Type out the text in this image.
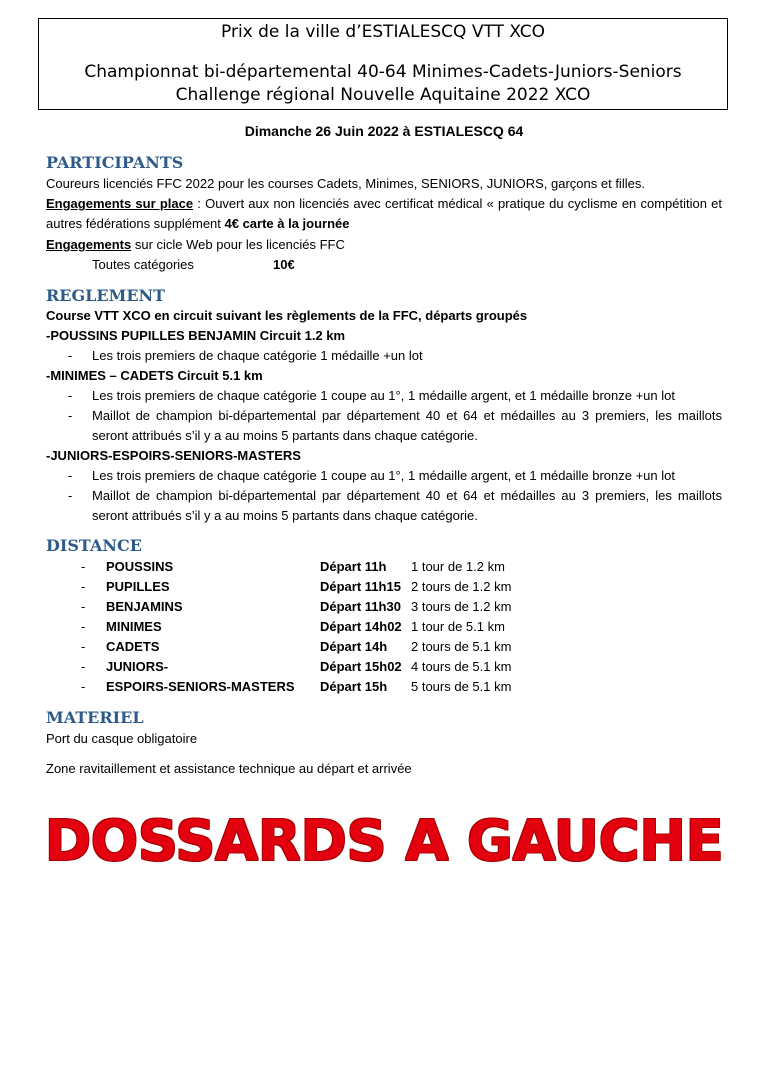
Prix de la ville d’ESTIALESCQ VTT XCO
Championnat bi-départemental 40-64 Minimes-Cadets-Juniors-Seniors
Challenge régional Nouvelle Aquitaine 2022 XCO
Dimanche 26 Juin 2022 à ESTIALESCQ 64
PARTICIPANTS
Coureurs licenciés FFC 2022 pour les courses Cadets, Minimes, SENIORS, JUNIORS, garçons et filles.
Engagements sur place : Ouvert aux non licenciés avec certificat médical « pratique du cyclisme en compétition et autres fédérations supplément 4€ carte à la journée
Engagements sur cicle Web pour les licenciés FFC
Toutes catégories	10€
REGLEMENT
Course VTT XCO en circuit suivant les règlements de la FFC, départs groupés
-POUSSINS PUPILLES BENJAMIN Circuit 1.2 km
- Les trois premiers de chaque catégorie 1 médaille +un lot
-MINIMES – CADETS Circuit 5.1 km
- Les trois premiers de chaque catégorie 1 coupe au 1°, 1 médaille argent, et 1 médaille bronze +un lot
- Maillot de champion bi-départemental par département 40 et 64 et médailles au 3 premiers, les maillots seront attribués s’il y a au moins 5 partants dans chaque catégorie.
-JUNIORS-ESPOIRS-SENIORS-MASTERS
- Les trois premiers de chaque catégorie 1 coupe au 1°, 1 médaille argent, et 1 médaille bronze +un lot
- Maillot de champion bi-départemental par département 40 et 64 et médailles au 3 premiers, les maillots seront attribués s’il y a au moins 5 partants dans chaque catégorie.
DISTANCE
- POUSSINS	Départ 11h 1 tour de 1.2 km
- PUPILLES	Départ 11h15 2 tours de 1.2 km
- BENJAMINS	Départ 11h30 3 tours de 1.2 km
- MINIMES	Départ 14h02 1 tour de 5.1 km
- CADETS	Départ 14h 2 tours de 5.1 km
- JUNIORS-	Départ 15h02 4 tours de 5.1 km
- ESPOIRS-SENIORS-MASTERS Départ 15h 5 tours de 5.1 km
MATERIEL
Port du casque obligatoire
Zone ravitaillement et assistance technique au départ et arrivée
DOSSARDS A GAUCHE
